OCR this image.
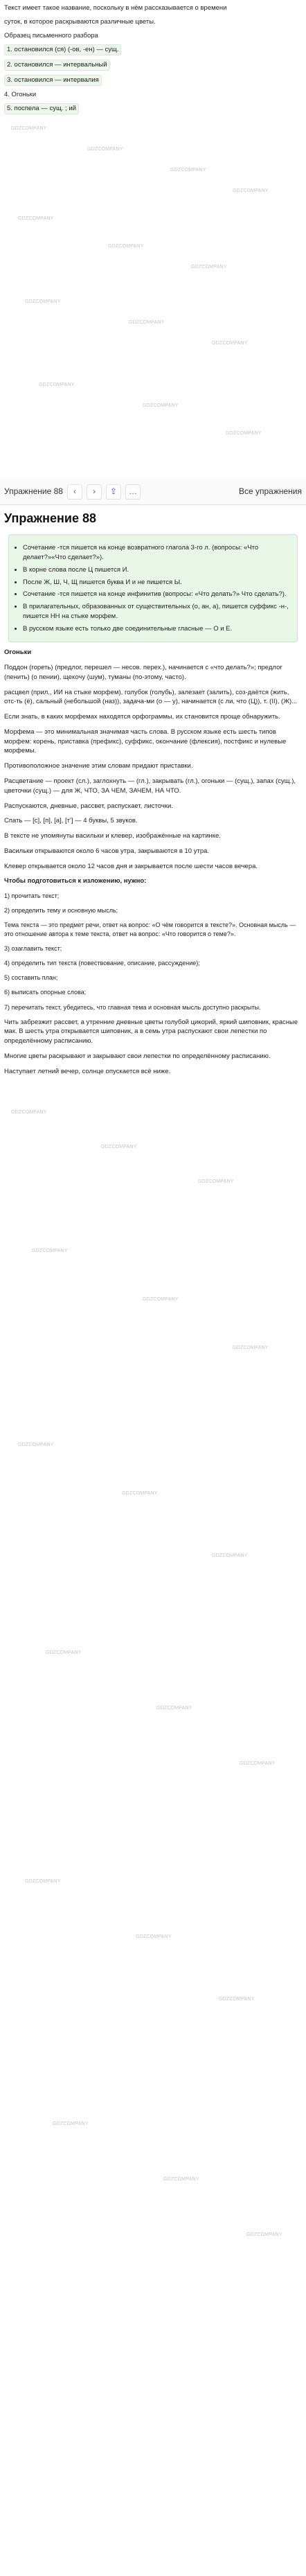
Текст имеет такое название, поскольку в нём рассказывается о времени
суток, в которое раскрываются различные цветы.
Образец письменного разбора
1. остановился (ся) (-ов, -ен) — сущ.
2. остановился — интервальный
3. остановился — интервалия
4. Огоньки
5. поспела — сущ. ; ий
GDZCOMPANY
GDZCOMPANY
GDZCOMPANY
GDZCOMPANY
GDZCOMPANY
GDZCOMPANY
GDZCOMPANY
GDZCOMPANY
GDZCOMPANY
GDZCOMPANY
GDZCOMPANY
GDZCOMPANY
GDZCOMPANY
Упражнение 88	‹	›	⇪	…	Все упражнения
Упражнение 88
• Сочетание -тся пишется на конце возвратного глагола 3-го л. (вопросы: «Что делает?»«Что сделает?»).
• В корне слова после Ц пишется И.
• После Ж, Ш, Ч, Щ пишется буква И и не пишется Ы.
• Сочетание -тся пишется на конце инфинитив (вопросы: «Что делать?» Что сделать?).
• В прилагательных, образованных от существительных (о, ан, а), пишется суффикс -н-, пишется НН на стыке морфем.
• В русском языке есть только две соединительные гласные — О и Е.
Огоньки
Поддон (гореть) (предлог, перешел — несов. перех.), начинается с «что делать?»; предлог (пенить) (о пении), щекочу (шум), туманы (по-этому, часто).
расцвел (прил., ИИ на стыке морфем), голубок (голубь), залезает (залить), соз-даётся (жить, отс-ть (ё), сальный (небольшой (наз)), задача-ми (о — у), начинается (с ли, что (Ц)), т. (II), (Ж)...
Если знать, в каких морфемах находятся орфограммы, их становится проще обнаружить.
Морфема — это минимальная значимая часть слова. В русском языке есть шесть типов морфем: корень, приставка (префикс), суффикс, окончание (флексия), постфикс и нулевые морфемы.
Противоположное значение этим словам придают приставки.
Расцветание — проект (сл.), заглохнуть — (гл.), закрывать (гл.), огоньки — (сущ.), запах (сущ.), цветочки (сущ.) — для Ж, ЧТО, ЗА ЧЕМ, ЗАЧЕМ, НА ЧТО.
Распускаются, дневные, рассвет, распускает, листочки.
Спать — [с], [п], [а], [т'] — 4 буквы, 5 звуков.
В тексте не упомянуты васильки и клевер, изображённые на картинке.
Васильки открываются около 6 часов утра, закрываются в 10 утра.
Клевер открывается около 12 часов дня и закрывается после шести часов вечера.
Чтобы подготовиться к изложению, нужно:
1) прочитать текст;
2) определить тему и основную мысль;
Тема текста — это предмет речи, ответ на вопрос: «О чём говорится в тексте?». Основная мысль — это отношение автора к теме текста, ответ на вопрос: «Что говорится о теме?».
3) озаглавить текст;
4) определить тип текста (повествование, описание, рассуждение);
5) составить план;
6) выписать опорные слова;
7) перечитать текст, убедитесь, что главная тема и основная мысль доступно раскрыты.
Чить забрезжит рассвет, а утренние дневные цветы голубой цикорий, яркий шиповник, красные мак. В шесть утра открывается шиповник, а в семь утра распускают свои лепестки по определённому расписанию.
Многие цветы раскрывают и закрывают свои лепестки по определённому расписанию.
Наступает летний вечер, солнце опускается всё ниже.
GDZCOMPANY
GDZCOMPANY
GDZCOMPANY
GDZCOMPANY
GDZCOMPANY
GDZCOMPANY
GDZCOMPANY
GDZCOMPANY
GDZCOMPANY
GDZCOMPANY
GDZCOMPANY
GDZCOMPANY
GDZCOMPANY
GDZCOMPANY
GDZCOMPANY
GDZCOMPANY
GDZCOMPANY
GDZCOMPANY
